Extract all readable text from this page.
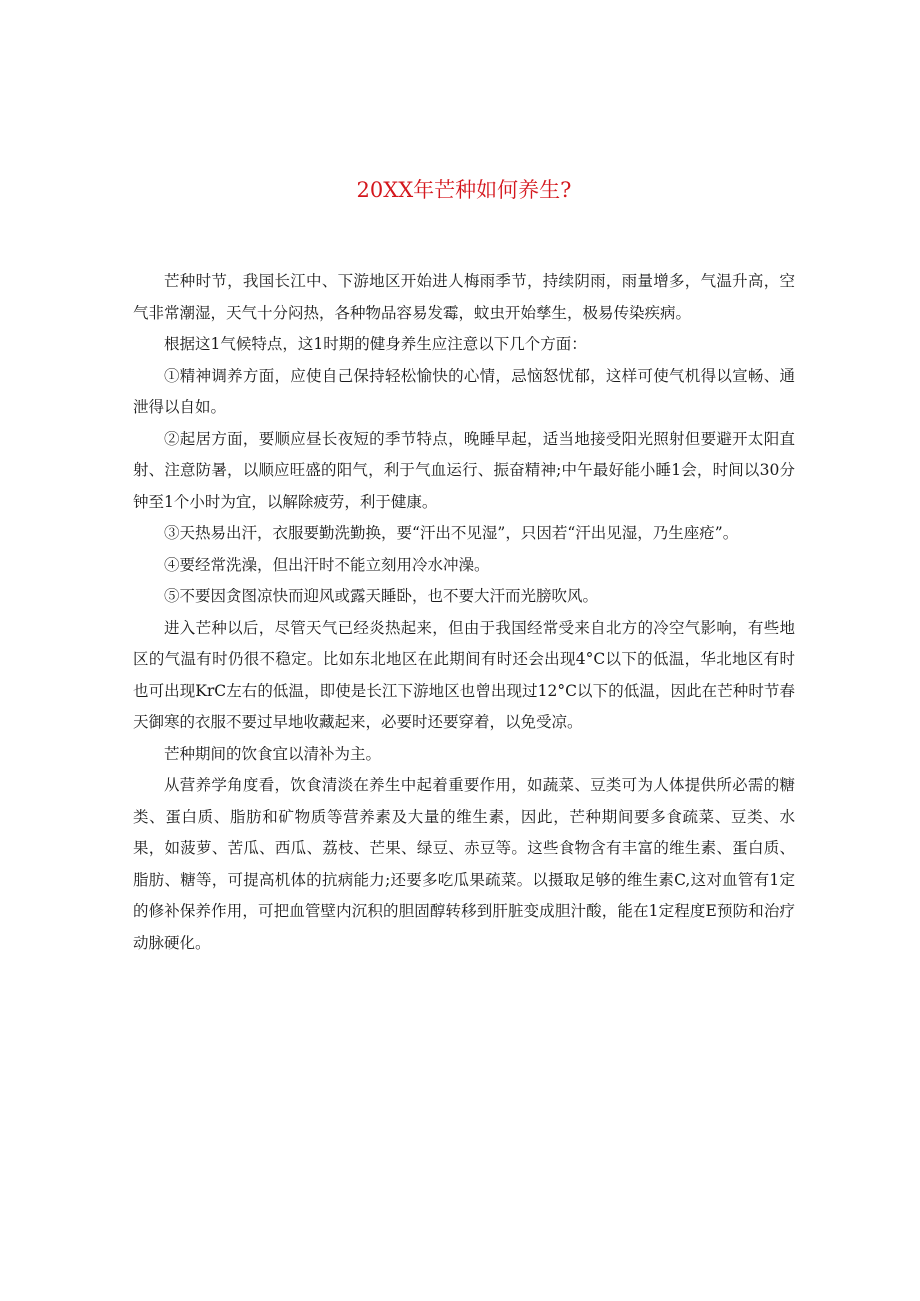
20XX年芒种如何养生?

芒种时节，我国长江中、下游地区开始进人梅雨季节，持续阴雨，雨量增多，气温升高，空气非常潮湿，天气十分闷热，各种物品容易发霉，蚊虫开始孳生，极易传染疾病。

根据这1气候特点，这1时期的健身养生应注意以下几个方面：

①精神调养方面，应使自己保持轻松愉快的心情，忌恼怒忧郁，这样可使气机得以宣畅、通泄得以自如。

②起居方面，要顺应昼长夜短的季节特点，晚睡早起，适当地接受阳光照射但要避开太阳直射、注意防暑，以顺应旺盛的阳气，利于气血运行、振奋精神;中午最好能小睡1会，时间以30分钟至1个小时为宜，以解除疲劳，利于健康。

③天热易出汗，衣服要勤洗勤换，要“汗出不见湿”，只因若“汗出见湿，乃生座疮”。

④要经常洗澡，但出汗时不能立刻用冷水冲澡。

⑤不要因贪图凉快而迎风或露天睡卧，也不要大汗而光膀吹风。

进入芒种以后，尽管天气已经炎热起来，但由于我国经常受来自北方的冷空气影响，有些地区的气温有时仍很不稳定。比如东北地区在此期间有时还会出现4°C以下的低温，华北地区有时也可出现KrC左右的低温，即使是长江下游地区也曾出现过12°C以下的低温，因此在芒种时节春天御寒的衣服不要过早地收藏起来，必要时还要穿着，以免受凉。

芒种期间的饮食宜以清补为主。

从营养学角度看，饮食清淡在养生中起着重要作用，如蔬菜、豆类可为人体提供所必需的糖类、蛋白质、脂肪和矿物质等营养素及大量的维生素，因此，芒种期间要多食疏菜、豆类、水果，如菠萝、苦瓜、西瓜、荔枝、芒果、绿豆、赤豆等。这些食物含有丰富的维生素、蛋白质、脂肪、糖等，可提高机体的抗病能力;还要多吃瓜果疏菜。以摄取足够的维生素C,这对血管有1定的修补保养作用，可把血管壁内沉积的胆固醇转移到肝脏变成胆汁酸，能在1定程度E预防和治疗动脉硬化。
